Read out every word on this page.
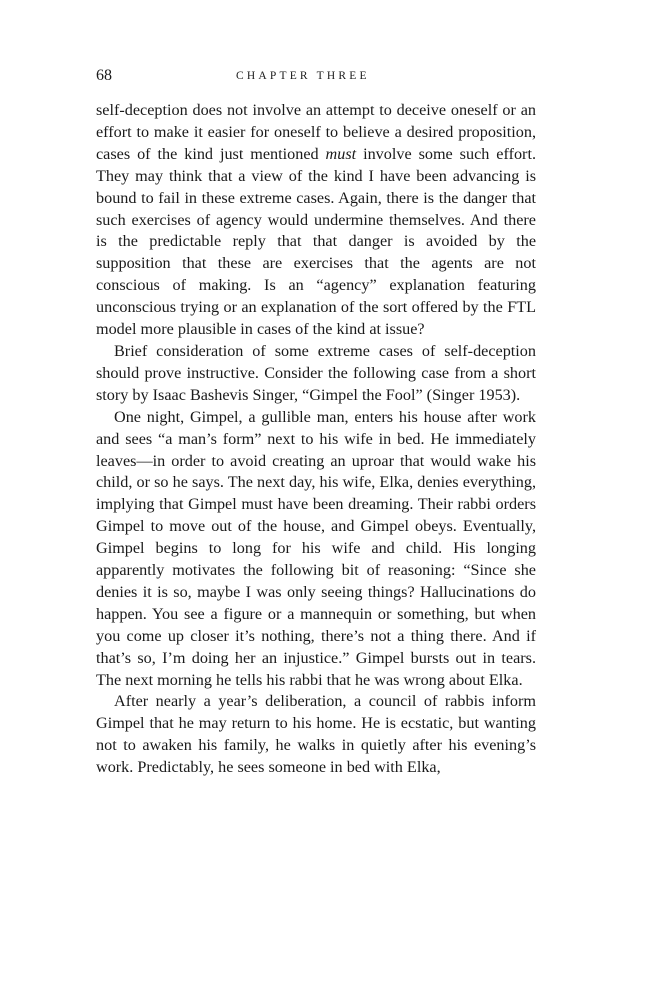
68	CHAPTER THREE

self-deception does not involve an attempt to deceive oneself or an effort to make it easier for oneself to believe a desired proposition, cases of the kind just mentioned must involve some such effort. They may think that a view of the kind I have been advancing is bound to fail in these extreme cases. Again, there is the danger that such exercises of agency would undermine themselves. And there is the predictable reply that that danger is avoided by the supposition that these are exercises that the agents are not conscious of making. Is an “agency” explanation featuring unconscious trying or an explanation of the sort offered by the FTL model more plausible in cases of the kind at issue?

Brief consideration of some extreme cases of self-deception should prove instructive. Consider the following case from a short story by Isaac Bashevis Singer, “Gimpel the Fool” (Singer 1953).

One night, Gimpel, a gullible man, enters his house after work and sees “a man’s form” next to his wife in bed. He immediately leaves—in order to avoid creating an uproar that would wake his child, or so he says. The next day, his wife, Elka, denies everything, implying that Gimpel must have been dreaming. Their rabbi orders Gimpel to move out of the house, and Gimpel obeys. Eventually, Gimpel begins to long for his wife and child. His longing apparently motivates the following bit of reasoning: “Since she denies it is so, maybe I was only seeing things? Hallucinations do happen. You see a figure or a mannequin or something, but when you come up closer it’s nothing, there’s not a thing there. And if that’s so, I’m doing her an injustice.” Gimpel bursts out in tears. The next morning he tells his rabbi that he was wrong about Elka.

After nearly a year’s deliberation, a council of rabbis inform Gimpel that he may return to his home. He is ecstatic, but wanting not to awaken his family, he walks in quietly after his evening’s work. Predictably, he sees someone in bed with Elka,
